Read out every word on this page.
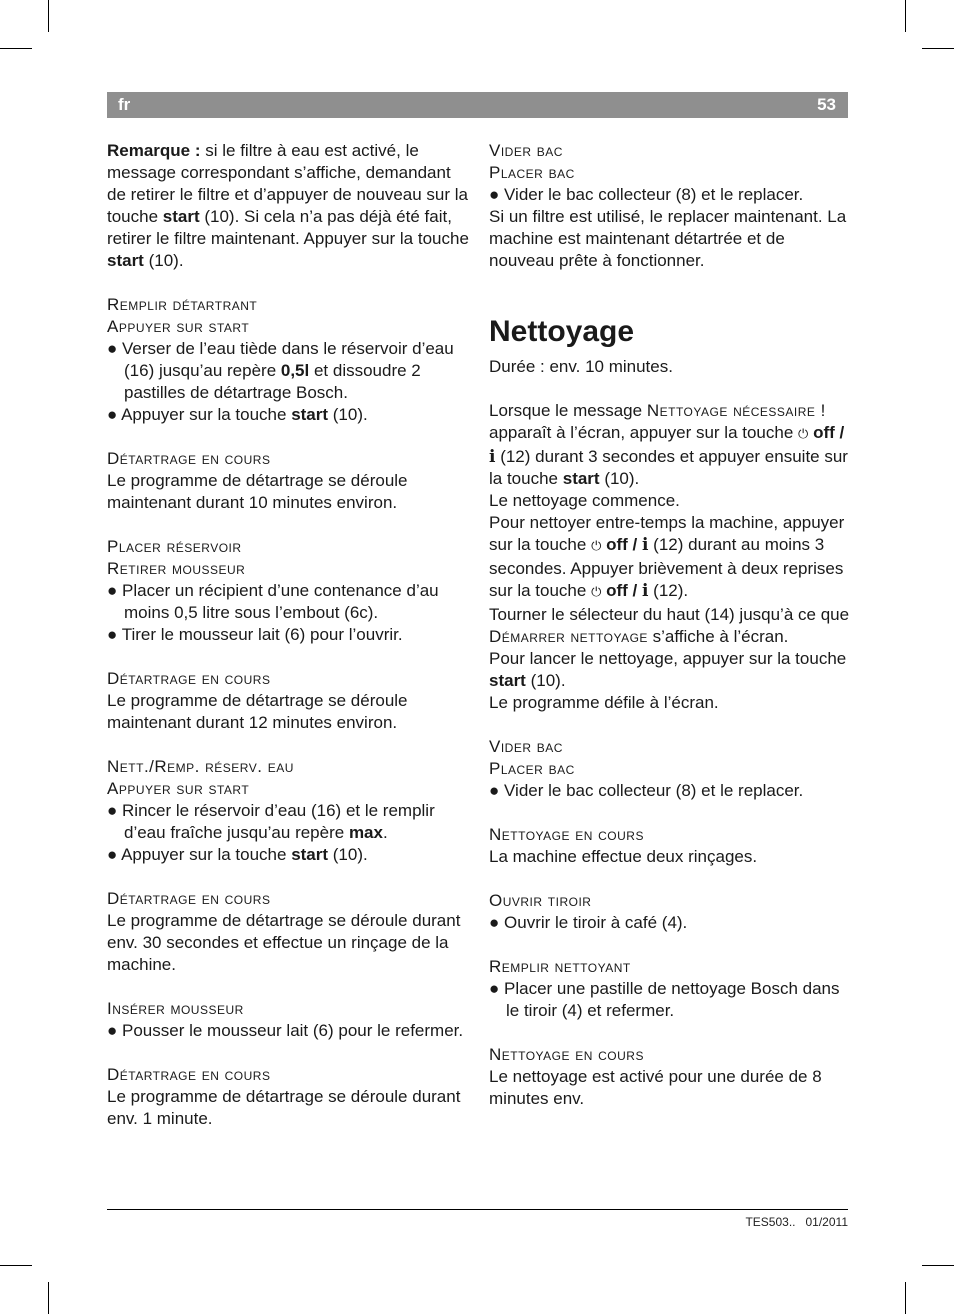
fr	53

Remarque : si le filtre à eau est activé, le message correspondant s’affiche, demandant de retirer le filtre et d’appuyer de nouveau sur la touche start (10). Si cela n’a pas déjà été fait, retirer le filtre maintenant. Appuyer sur la touche start (10).

Remplir détartrant

Appuyer sur start

● Verser de l’eau tiède dans le réservoir d’eau (16) jusqu’au repère 0,5l et dissoudre 2 pastilles de détartrage Bosch.

● Appuyer sur la touche start (10).

Détartrage en cours

Le programme de détartrage se déroule maintenant durant 10 minutes environ.

Placer réservoir

Retirer mousseur

● Placer un récipient d’une contenance d’au moins 0,5 litre sous l’embout (6c).

● Tirer le mousseur lait (6) pour l’ouvrir.

Détartrage en cours

Le programme de détartrage se déroule maintenant durant 12 minutes environ.

Nett./Remp. réserv. eau

Appuyer sur start

● Rincer le réservoir d’eau (16) et le remplir d’eau fraîche jusqu’au repère max.

● Appuyer sur la touche start (10).

Détartrage en cours

Le programme de détartrage se déroule durant env. 30 secondes et effectue un rinçage de la machine.

Insérer mousseur

● Pousser le mousseur lait (6) pour le refermer.

Détartrage en cours

Le programme de détartrage se déroule durant env. 1 minute.

Vider bac

Placer bac

● Vider le bac collecteur (8) et le replacer.

Si un filtre est utilisé, le replacer maintenant. La machine est maintenant détartrée et de nouveau prête à fonctionner.

Nettoyage

Durée : env. 10 minutes.

Lorsque le message Nettoyage nécessaire ! apparaît à l’écran, appuyer sur la touche ⏻ off / i (12) durant 3 secondes et appuyer ensuite sur la touche start (10).

Le nettoyage commence.

Pour nettoyer entre-temps la machine, appuyer sur la touche ⏻ off / i (12) durant au moins 3 secondes. Appuyer brièvement à deux reprises sur la touche ⏻ off / i (12).

Tourner le sélecteur du haut (14) jusqu’à ce que Démarrer nettoyage s’affiche à l’écran.

Pour lancer le nettoyage, appuyer sur la touche start (10).

Le programme défile à l’écran.

Vider bac

Placer bac

● Vider le bac collecteur (8) et le replacer.

Nettoyage en cours

La machine effectue deux rinçages.

Ouvrir tiroir

● Ouvrir le tiroir à café (4).

Remplir nettoyant

● Placer une pastille de nettoyage Bosch dans le tiroir (4) et refermer.

Nettoyage en cours

Le nettoyage est activé pour une durée de 8 minutes env.

TES503.. 01/2011
